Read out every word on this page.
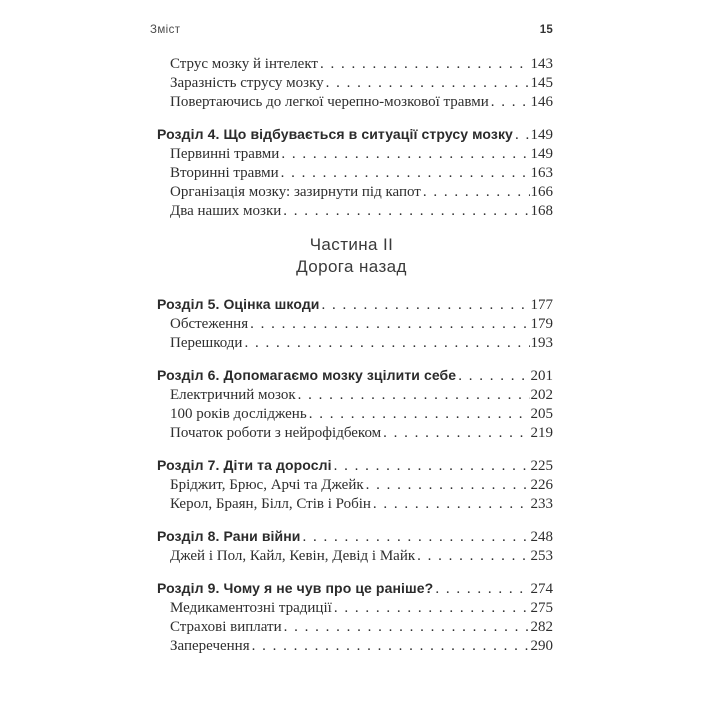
Зміст	15
Струс мозку й інтелект . . .	143
Заразність струсу мозку . . .	145
Повертаючись до легкої черепно-мозкової травми . . .	146
Розділ 4. Що відбувається в ситуації струсу мозку . . . 149
Первинні травми . . .	149
Вторинні травми . . .	163
Організація мозку: зазирнути під капот . . .	166
Два наших мозки . . .	168
Частина II
Дорога назад
Розділ 5. Оцінка шкоди . . .	177
Обстеження . . .	179
Перешкоди . . .	193
Розділ 6. Допомагаємо мозку зцілити себе . . .	201
Електричний мозок . . .	202
100 років досліджень . . .	205
Початок роботи з нейрофідбеком . . .	219
Розділ 7. Діти та дорослі . . .	225
Бріджит, Брюс, Арчі та Джейк . . .	226
Керол, Браян, Білл, Стів і Робін . . .	233
Розділ 8. Рани війни . . .	248
Джей і Пол, Кайл, Кевін, Девід і Майк . . .	253
Розділ 9. Чому я не чув про це раніше? . . .	274
Медикаментозні традиції . . .	275
Страхові виплати . . .	282
Заперечення . . .	290
